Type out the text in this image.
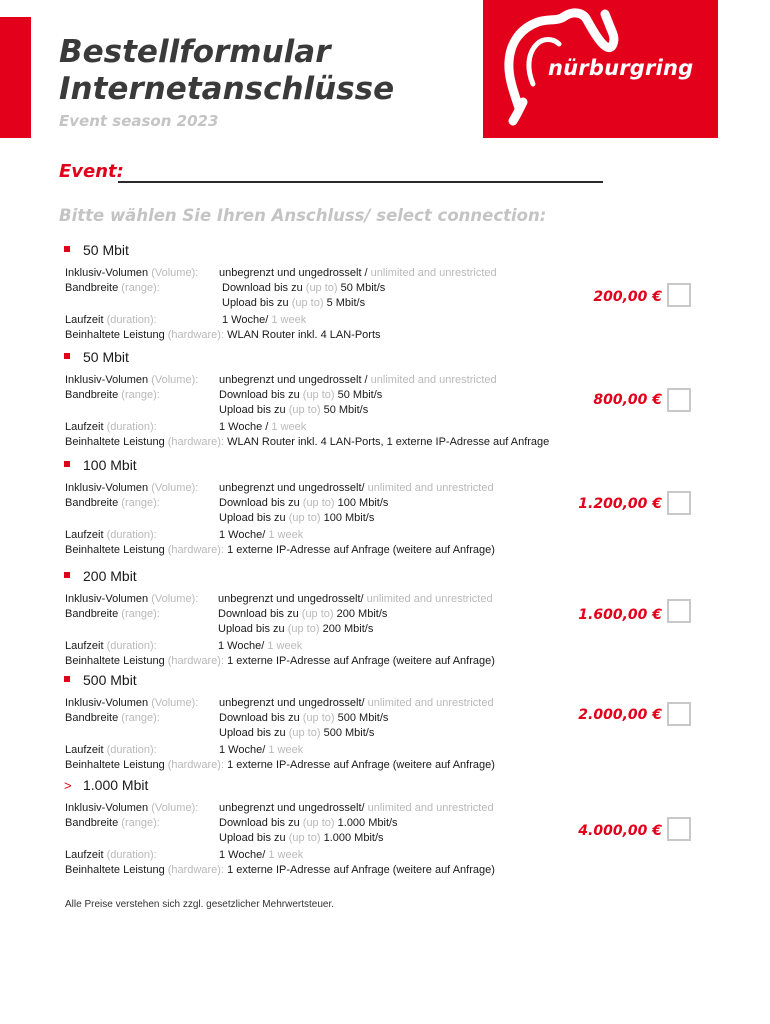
nürburgring
Bestellformular
Internetanschlüsse
Event season 2023
Event:
Bitte wählen Sie Ihren Anschluss/ select connection:
50 Mbit
Inklusiv-Volumen (Volume): unbegrenzt und ungedrosselt / unlimited and unrestricted
Bandbreite (range):	Download bis zu (up to) 50 Mbit/s
Upload bis zu (up to) 5 Mbit/s
Laufzeit (duration):	1 Woche/ 1 week
Beinhaltete Leistung (hardware): WLAN Router inkl. 4 LAN-Ports
200,00 €
50 Mbit
Inklusiv-Volumen (Volume): unbegrenzt und ungedrosselt / unlimited and unrestricted
Bandbreite (range):	Download bis zu (up to) 50 Mbit/s
Upload bis zu (up to) 50 Mbit/s
Laufzeit (duration):	1 Woche / 1 week
Beinhaltete Leistung (hardware): WLAN Router inkl. 4 LAN-Ports, 1 externe IP-Adresse auf Anfrage
800,00 €
100 Mbit
Inklusiv-Volumen (Volume): unbegrenzt und ungedrosselt/ unlimited and unrestricted
Bandbreite (range):	Download bis zu (up to) 100 Mbit/s
Upload bis zu (up to) 100 Mbit/s
Laufzeit (duration):	1 Woche/ 1 week
Beinhaltete Leistung (hardware): 1 externe IP-Adresse auf Anfrage (weitere auf Anfrage)
1.200,00 €
200 Mbit
Inklusiv-Volumen (Volume): unbegrenzt und ungedrosselt/ unlimited and unrestricted
Bandbreite (range):	Download bis zu (up to) 200 Mbit/s
Upload bis zu (up to) 200 Mbit/s
Laufzeit (duration):	1 Woche/ 1 week
Beinhaltete Leistung (hardware): 1 externe IP-Adresse auf Anfrage (weitere auf Anfrage)
1.600,00 €
500 Mbit
Inklusiv-Volumen (Volume): unbegrenzt und ungedrosselt/ unlimited and unrestricted
Bandbreite (range):	Download bis zu (up to) 500 Mbit/s
Upload bis zu (up to) 500 Mbit/s
Laufzeit (duration):	1 Woche/ 1 week
Beinhaltete Leistung (hardware): 1 externe IP-Adresse auf Anfrage (weitere auf Anfrage)
2.000,00 €
> 1.000 Mbit
Inklusiv-Volumen (Volume): unbegrenzt und ungedrosselt/ unlimited and unrestricted
Bandbreite (range):	Download bis zu (up to) 1.000 Mbit/s
Upload bis zu (up to) 1.000 Mbit/s
Laufzeit (duration):	1 Woche/ 1 week
Beinhaltete Leistung (hardware): 1 externe IP-Adresse auf Anfrage (weitere auf Anfrage)
4.000,00 €
Alle Preise verstehen sich zzgl. gesetzlicher Mehrwertsteuer.
